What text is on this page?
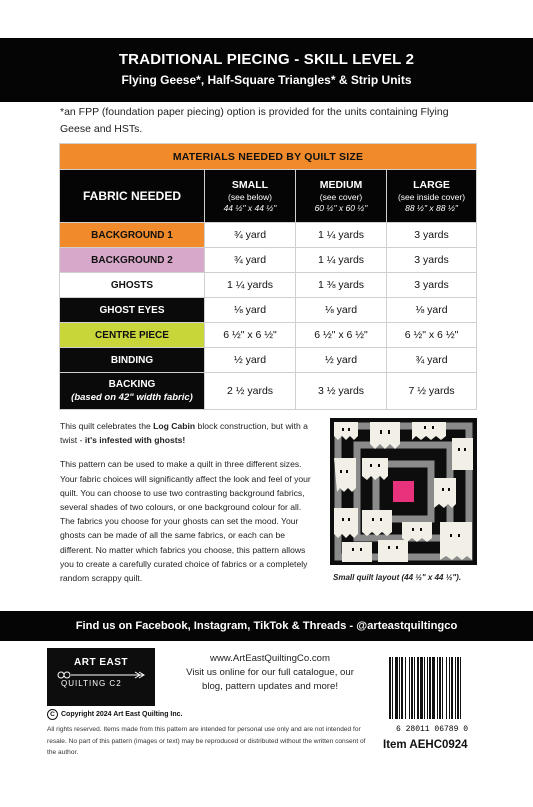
TRADITIONAL PIECING - SKILL LEVEL 2
Flying Geese*, Half-Square Triangles* & Strip Units
*an FPP (foundation paper piecing) option is provided for the units containing Flying Geese and HSTs.
MATERIALS NEEDED BY QUILT SIZE			
FABRIC NEEDED	SMALL
(see below)
44 ½" x 44 ½"	MEDIUM
(see cover)
60 ½" x 60 ½"	LARGE
(see inside cover)
88 ½" x 88 ½"

BACKGROUND 1	¾ yard	1 ¼ yards	3 yards
BACKGROUND 2	¾ yard	1 ¼ yards	3 yards
GHOSTS	1 ¼ yards	1 ⅜ yards	3 yards
GHOST EYES	⅛ yard	⅛ yard	⅛ yard
CENTRE PIECE	6 ½" x 6 ½"	6 ½" x 6 ½"	6 ½" x 6 ½"
BINDING	½ yard	½ yard	¾ yard
BACKING
(based on 42" width fabric)	2 ½ yards	3 ½ yards	7 ½ yards

This quilt celebrates the Log Cabin block construction, but with a twist - it's infested with ghosts!

This pattern can be used to make a quilt in three different sizes. Your fabric choices will significantly affect the look and feel of your quilt. You can choose to use two contrasting background fabrics, several shades of two colours, or one background colour for all. The fabrics you choose for your ghosts can set the mood. Your ghosts can be made of all the same fabrics, or each can be different. No matter which fabrics you choose, this pattern allows you to create a carefully curated choice of fabrics or a completely random scrappy quilt.	Small quilt layout (44 ½" x 44 ½").
Find us on Facebook, Instagram, TikTok & Threads - @arteastquiltingco
ART EAST
QUILTING C2
www.ArtEastQuiltingCo.com
Visit us online for our full catalogue, our
blog, pattern updates and more!
6 28011 06789 0
Item AEHC0924
C Copyright 2024 Art East Quilting Inc.
All rights reserved. Items made from this pattern are intended for personal use only and are not intended for resale. No part of this pattern (images or text) may be reproduced or distributed without the written consent of the author.
